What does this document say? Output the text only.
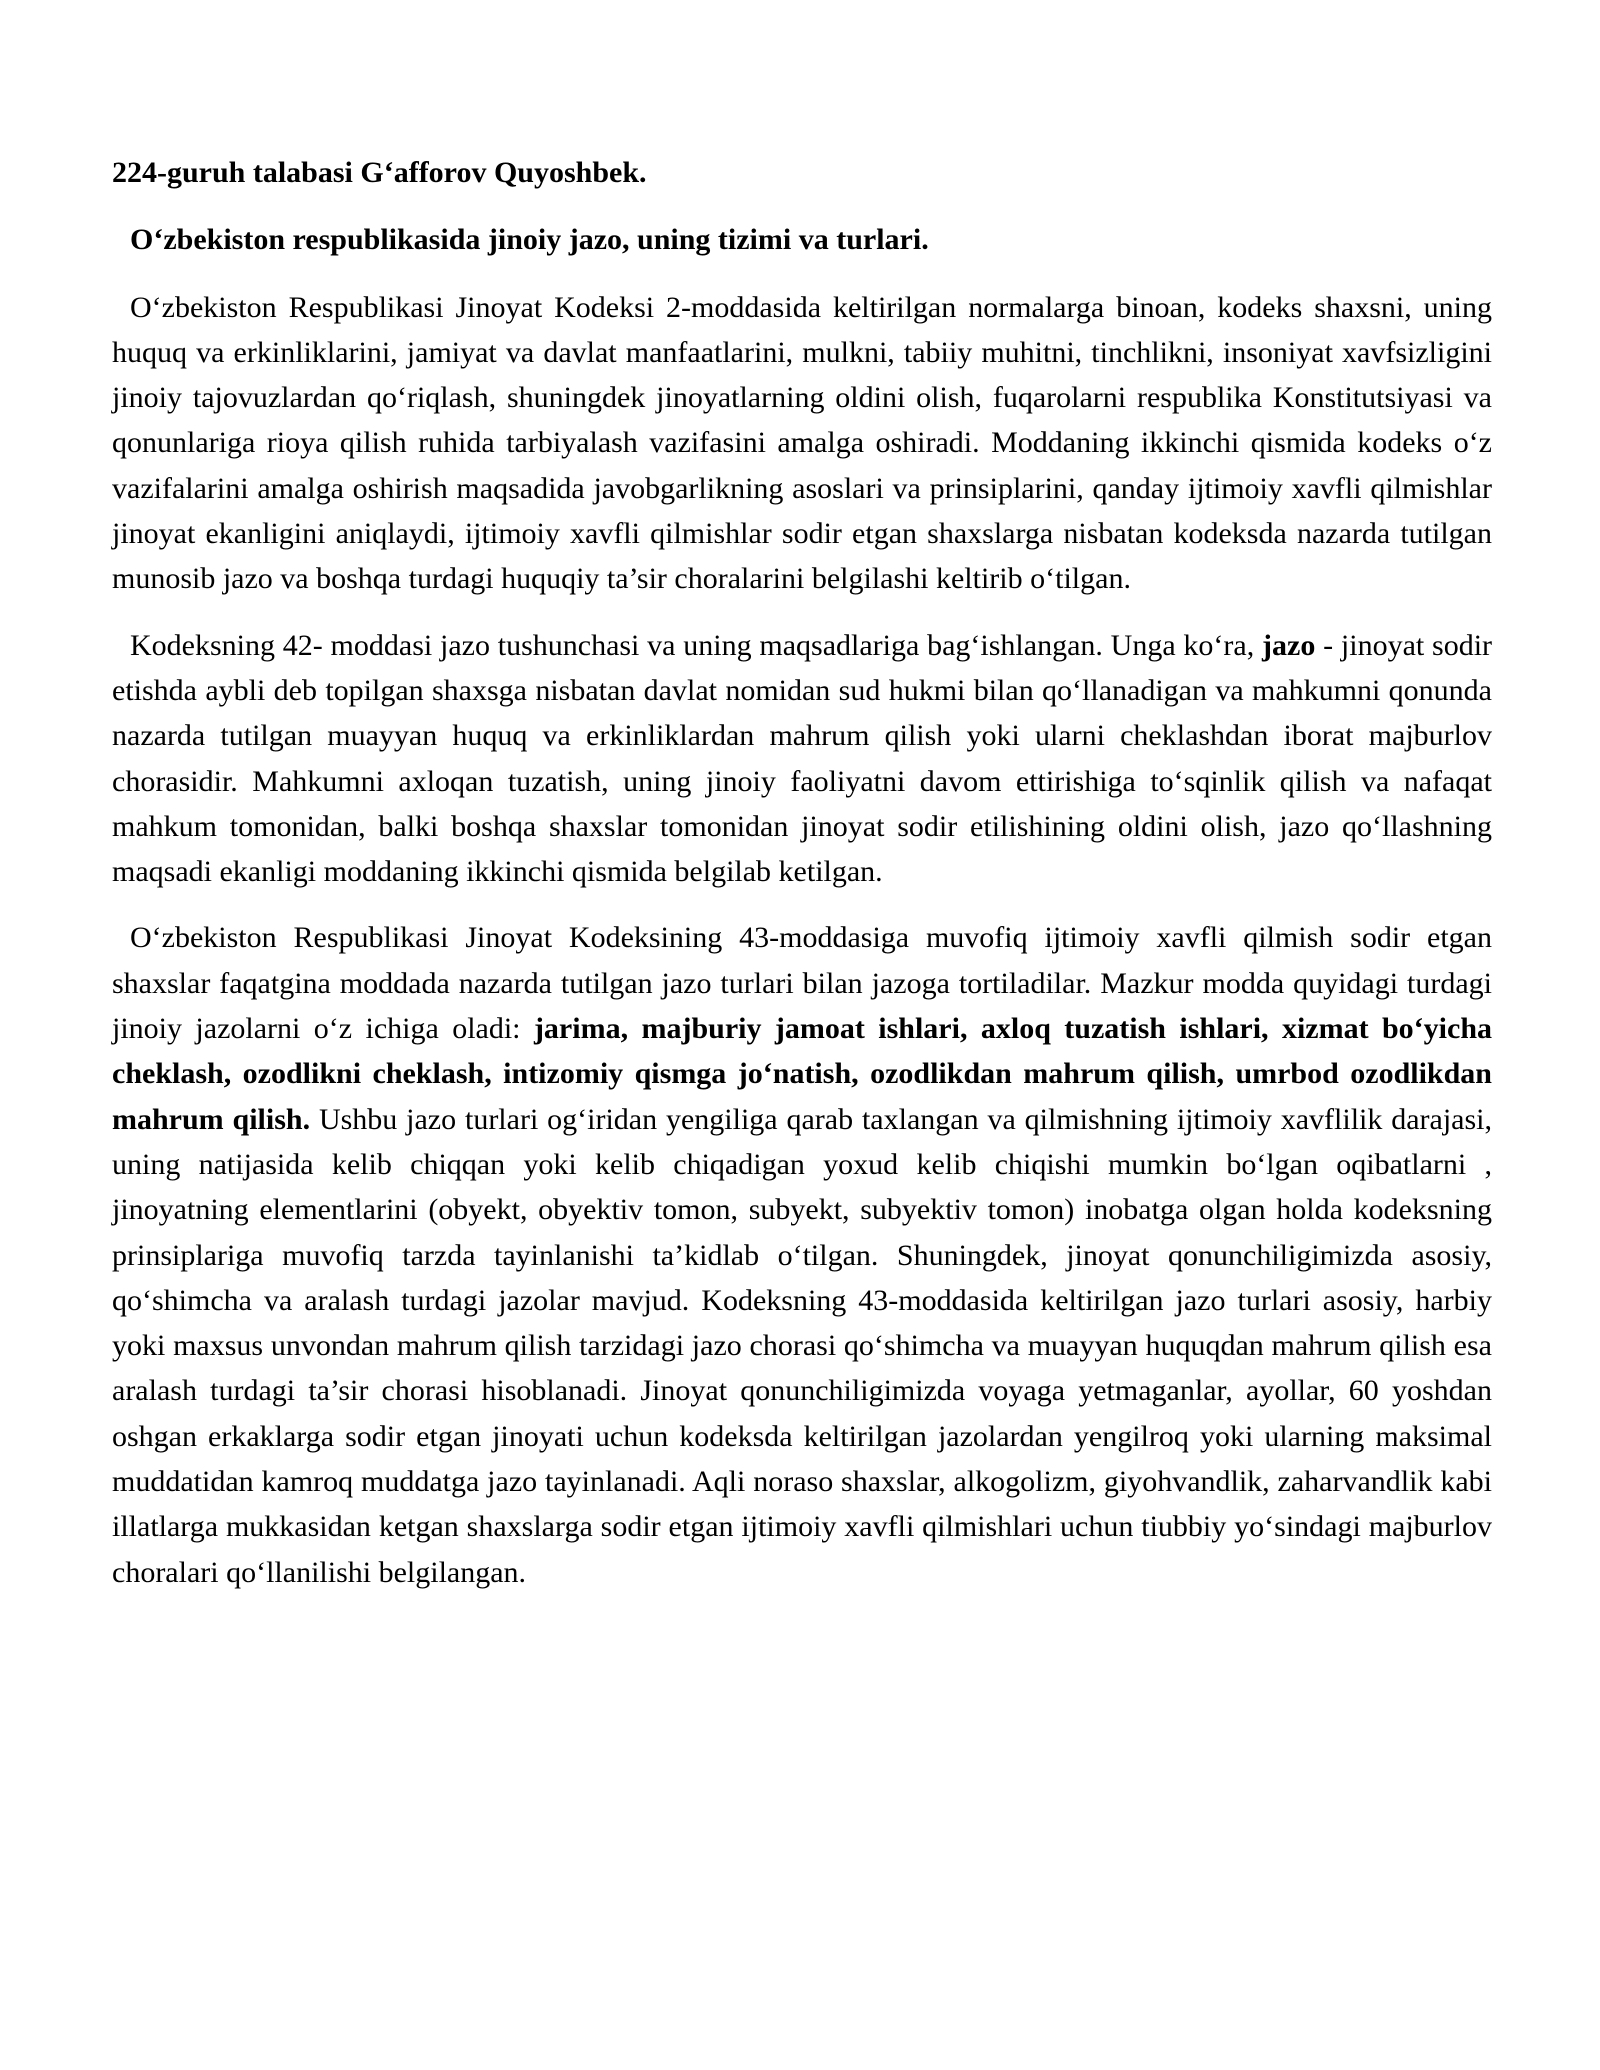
224-guruh talabasi G‘afforov Quyoshbek.

O‘zbekiston respublikasida jinoiy jazo, uning tizimi va turlari.

O‘zbekiston Respublikasi Jinoyat Kodeksi 2-moddasida keltirilgan normalarga binoan, kodeks shaxsni, uning huquq va erkinliklarini, jamiyat va davlat manfaatlarini, mulkni, tabiiy muhitni, tinchlikni, insoniyat xavfsizligini jinoiy tajovuzlardan qo‘riqlash, shuningdek jinoyatlarning oldini olish, fuqarolarni respublika Konstitutsiyasi va qonunlariga rioya qilish ruhida tarbiyalash vazifasini amalga oshiradi. Moddaning ikkinchi qismida kodeks o‘z vazifalarini amalga oshirish maqsadida javobgarlikning asoslari va prinsiplarini, qanday ijtimoiy xavfli qilmishlar jinoyat ekanligini aniqlaydi, ijtimoiy xavfli qilmishlar sodir etgan shaxslarga nisbatan kodeksda nazarda tutilgan munosib jazo va boshqa turdagi huquqiy ta’sir choralarini belgilashi keltirib o‘tilgan.

Kodeksning 42- moddasi jazo tushunchasi va uning maqsadlariga bag‘ishlangan. Unga ko‘ra, jazo - jinoyat sodir etishda aybli deb topilgan shaxsga nisbatan davlat nomidan sud hukmi bilan qo‘llanadigan va mahkumni qonunda nazarda tutilgan muayyan huquq va erkinliklardan mahrum qilish yoki ularni cheklashdan iborat majburlov chorasidir. Mahkumni axloqan tuzatish, uning jinoiy faoliyatni davom ettirishiga to‘sqinlik qilish va nafaqat mahkum tomonidan, balki boshqa shaxslar tomonidan jinoyat sodir etilishining oldini olish, jazo qo‘llashning maqsadi ekanligi moddaning ikkinchi qismida belgilab ketilgan.

O‘zbekiston Respublikasi Jinoyat Kodeksining 43-moddasiga muvofiq ijtimoiy xavfli qilmish sodir etgan shaxslar faqatgina moddada nazarda tutilgan jazo turlari bilan jazoga tortiladilar. Mazkur modda quyidagi turdagi jinoiy jazolarni o‘z ichiga oladi: jarima, majburiy jamoat ishlari, axloq tuzatish ishlari, xizmat bo‘yicha cheklash, ozodlikni cheklash, intizomiy qismga jo‘natish, ozodlikdan mahrum qilish, umrbod ozodlikdan mahrum qilish. Ushbu jazo turlari og‘iridan yengiliga qarab taxlangan va qilmishning ijtimoiy xavflilik darajasi, uning natijasida kelib chiqqan yoki kelib chiqadigan yoxud kelib chiqishi mumkin bo‘lgan oqibatlarni , jinoyatning elementlarini (obyekt, obyektiv tomon, subyekt, subyektiv tomon) inobatga olgan holda kodeksning prinsiplariga muvofiq tarzda tayinlanishi ta’kidlab o‘tilgan. Shuningdek, jinoyat qonunchiligimizda asosiy, qo‘shimcha va aralash turdagi jazolar mavjud. Kodeksning 43-moddasida keltirilgan jazo turlari asosiy, harbiy yoki maxsus unvondan mahrum qilish tarzidagi jazo chorasi qo‘shimcha va muayyan huquqdan mahrum qilish esa aralash turdagi ta’sir chorasi hisoblanadi. Jinoyat qonunchiligimizda voyaga yetmaganlar, ayollar, 60 yoshdan oshgan erkaklarga sodir etgan jinoyati uchun kodeksda keltirilgan jazolardan yengilroq yoki ularning maksimal muddatidan kamroq muddatga jazo tayinlanadi. Aqli noraso shaxslar, alkogolizm, giyohvandlik, zaharvandlik kabi illatlarga mukkasidan ketgan shaxslarga sodir etgan ijtimoiy xavfli qilmishlari uchun tiubbiy yo‘sindagi majburlov choralari qo‘llanilishi belgilangan.
